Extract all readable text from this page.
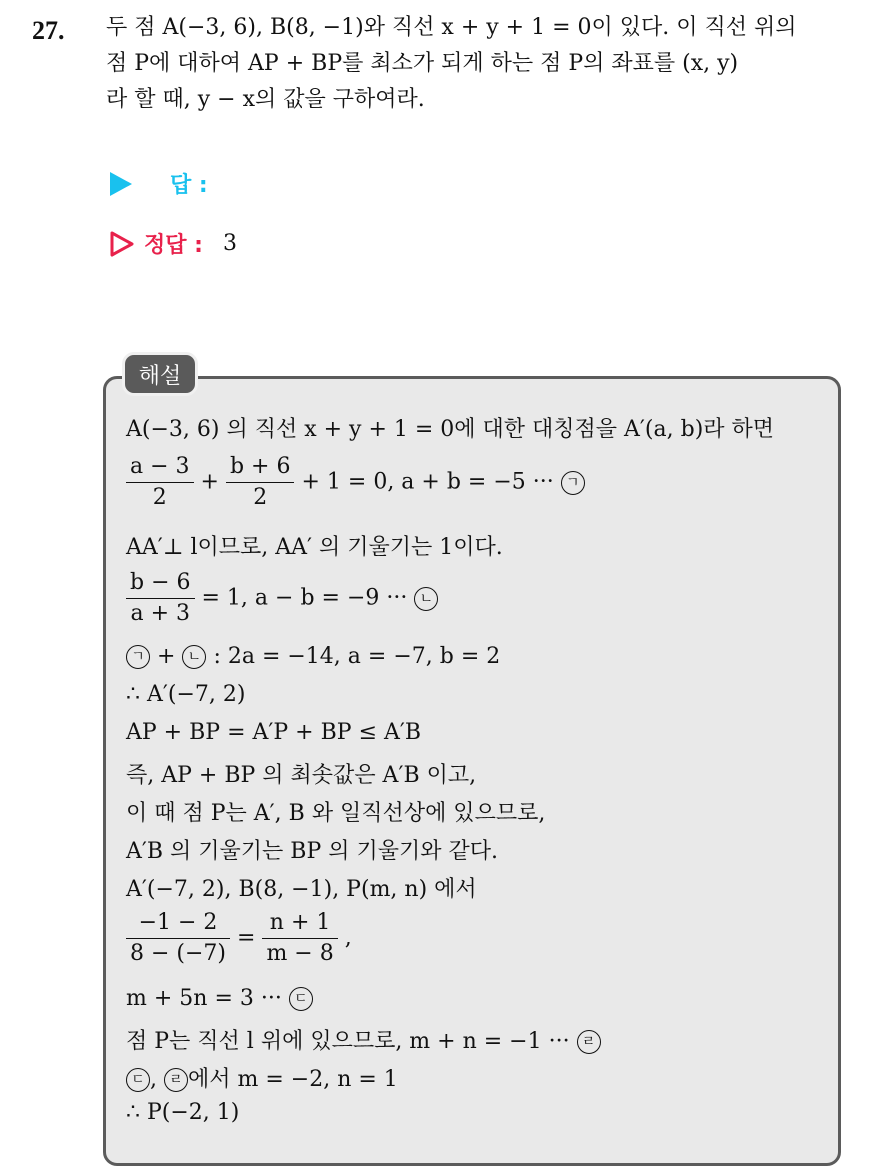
27. 두 점 A(−3, 6), B(8, −1)와 직선 x + y + 1 = 0이 있다. 이 직선 위의
점 P에 대하여 AP + BP를 최소가 되게 하는 점 P의 좌표를 (x, y)
라 할 때, y − x의 값을 구하여라.
답 :
정답 : 3
해설
A(−3, 6) 의 직선 x + y + 1 = 0에 대한 대칭점을 A′(a, b)라 하면
$\frac{a - 3}{2} + \frac{b + 6}{2} + 1 = 0$, a + b = −5 ··· ㄱ
AA′⊥ l이므로, AA′ 의 기울기는 1이다.
$\frac{b - 6}{a + 3} = 1$, a − b = −9 ··· ㄴ
ㄱ + ㄴ : 2a = −14, a = −7, b = 2
∴ A′(−7, 2)
AP + BP = A′P + BP ≤ A′B
즉, AP + BP 의 최솟값은 A′B 이고,
이 때 점 P는 A′, B 와 일직선상에 있으므로,
A′B 의 기울기는 BP 의 기울기와 같다.
A′(−7, 2), B(8, −1), P(m, n) 에서
$\frac{-1 - 2}{8 - (-7)} = \frac{n + 1}{m - 8}$ ,
m + 5n = 3 ··· ㄷ
점 P는 직선 l 위에 있으므로, m + n = −1 ··· ㄹ
ㄷ , ㄹ 에서 m = −2, n = 1
∴ P(−2, 1)
